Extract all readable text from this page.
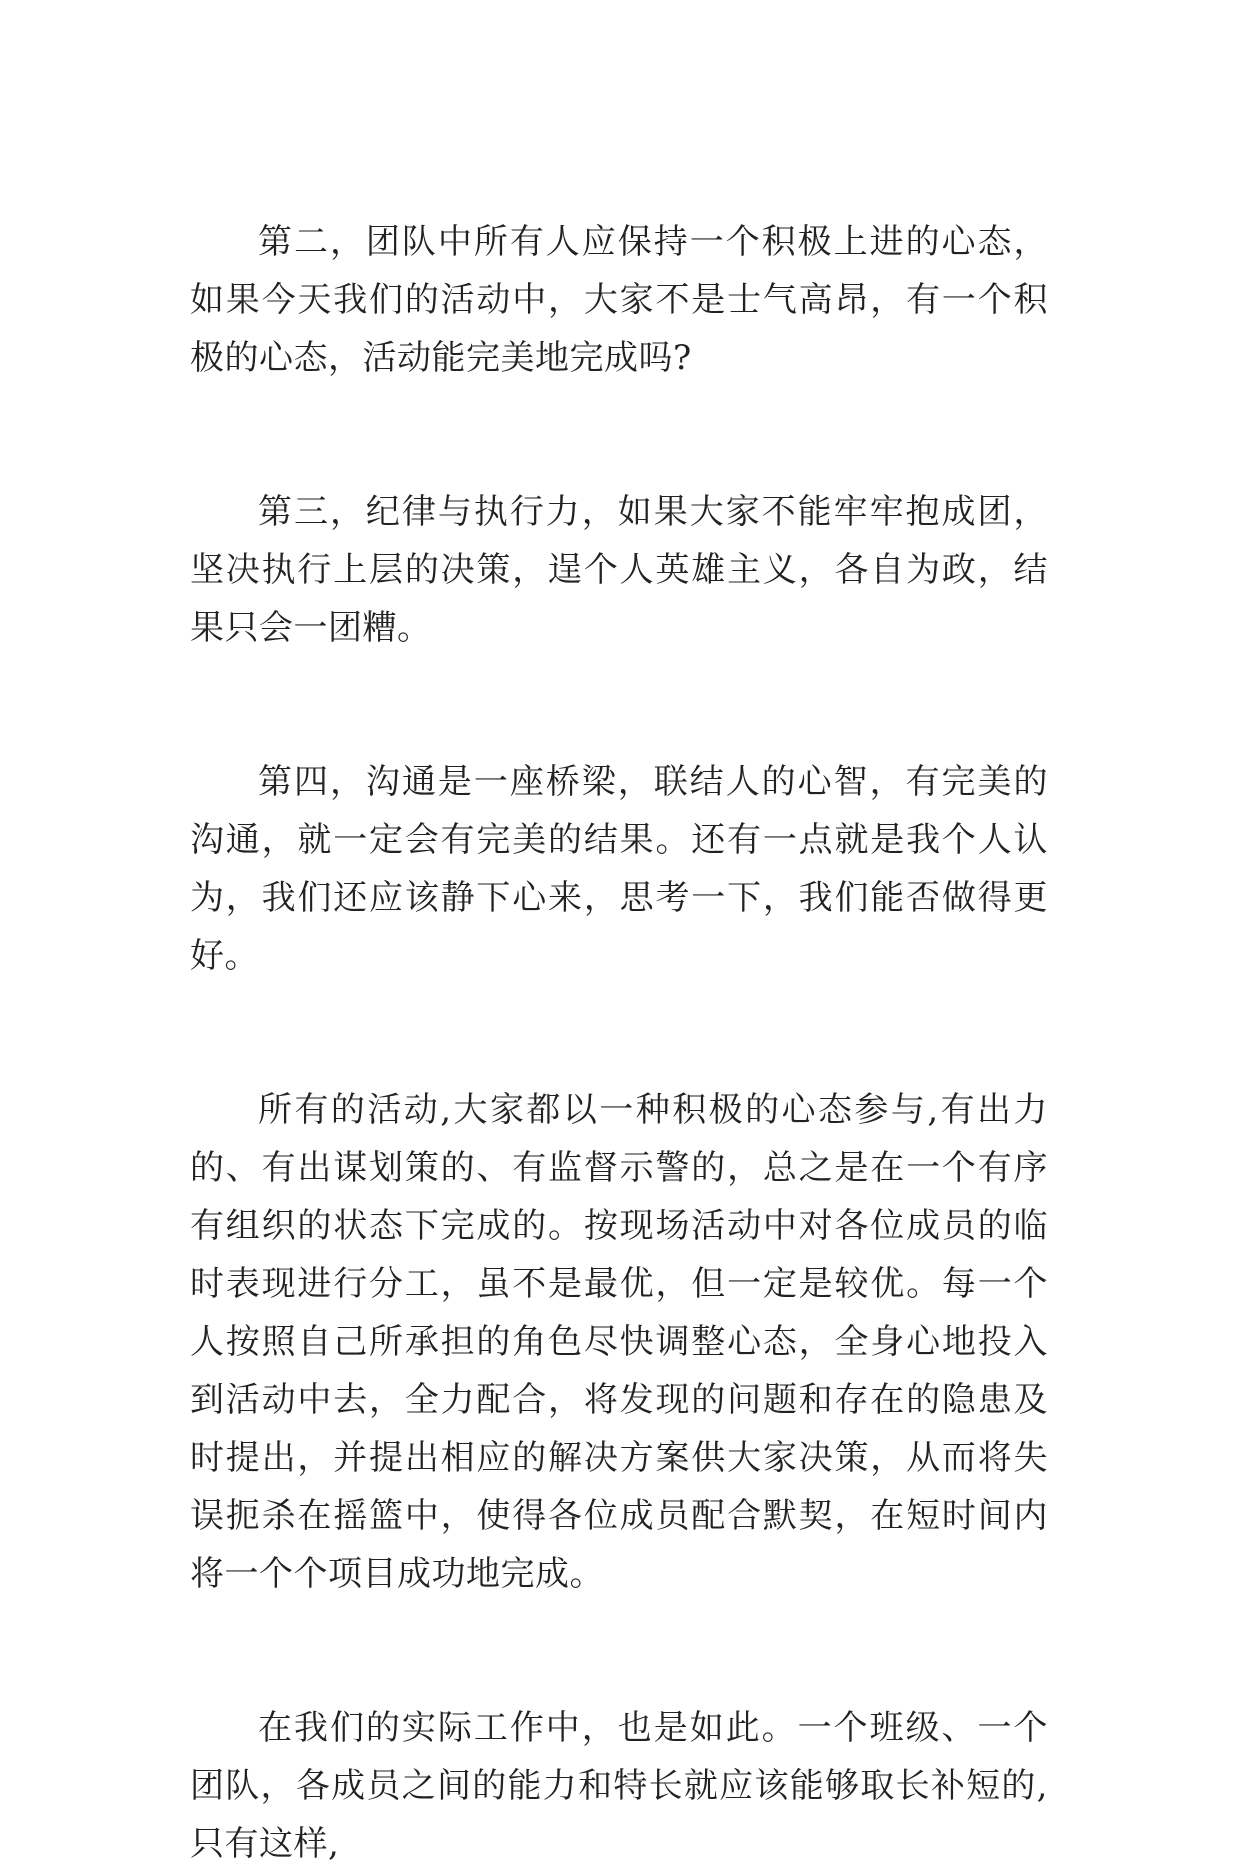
第二，团队中所有人应保持一个积极上进的心态，如果今天我们的活动中，大家不是士气高昂，有一个积极的心态，活动能完美地完成吗?

第三，纪律与执行力，如果大家不能牢牢抱成团，坚决执行上层的决策，逞个人英雄主义，各自为政，结果只会一团糟。

第四，沟通是一座桥梁，联结人的心智，有完美的沟通，就一定会有完美的结果。还有一点就是我个人认为，我们还应该静下心来，思考一下，我们能否做得更好。

所有的活动,大家都以一种积极的心态参与,有出力的、有出谋划策的、有监督示警的，总之是在一个有序有组织的状态下完成的。按现场活动中对各位成员的临时表现进行分工，虽不是最优，但一定是较优。每一个人按照自己所承担的角色尽快调整心态，全身心地投入到活动中去，全力配合，将发现的问题和存在的隐患及时提出，并提出相应的解决方案供大家决策，从而将失误扼杀在摇篮中，使得各位成员配合默契，在短时间内将一个个项目成功地完成。

在我们的实际工作中，也是如此。一个班级、一个团队，各成员之间的能力和特长就应该能够取长补短的,只有这样,
